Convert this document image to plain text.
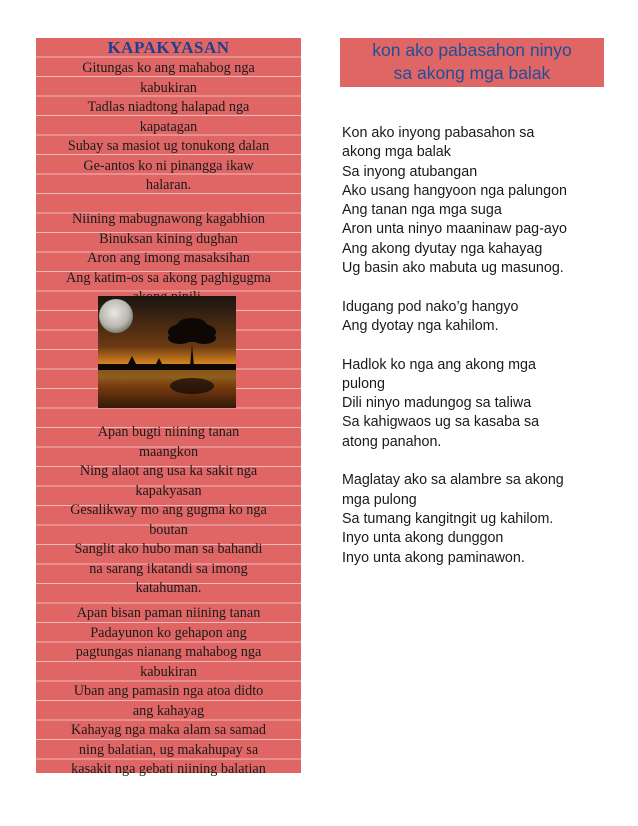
KAPAKYASAN
Gitungas ko ang mahabog nga
kabukiran
Tadlas niadtong halapad nga
kapatagan
Subay sa masiot ug tonukong dalan
Ge-antos ko ni pinangga ikaw
halaran.
Niining mabugnawong kagabhion
Binuksan kining dughan
Aron ang imong masaksihan
Ang katim-os sa akong paghigugma
Apan bugti niining tanan
maangkon
Ning alaot ang usa ka sakit nga
kapakyasan
Gesalikway mo ang gugma ko nga
boutan
Sanglit ako hubo man sa bahandi
na sarang ikatandi sa imong
katahuman.
Apan bisan paman niining tanan
Padayunon ko gehapon ang
pagtungas nianang mahabog nga
kabukiran
Uban ang pamasin nga atoa didto
ang kahayag
Kahayag nga maka alam sa samad
ning balatian, ug makahupay sa
kasakit nga gebati niining balatian
kon ako pabasahon ninyo
sa akong mga balak
Kon ako inyong pabasahon sa
akong mga balak
Sa inyong atubangan
Ako usang hangyoon nga palungon
Ang tanan nga mga suga
Aron unta ninyo maaninaw pag-ayo
Ang akong dyutay nga kahayag
Ug basin ako mabuta ug masunog.
Idugang pod nako’g hangyo
Ang dyotay nga kahilom.
Hadlok ko nga ang akong mga
pulong
Dili ninyo madungog sa taliwa
Sa kahigwaos ug sa kasaba sa
atong panahon.
Maglatay ako sa alambre sa akong
mga pulong
Sa tumang kangitngit ug kahilom.
Inyo unta akong dunggon
Inyo unta akong paminawon.
